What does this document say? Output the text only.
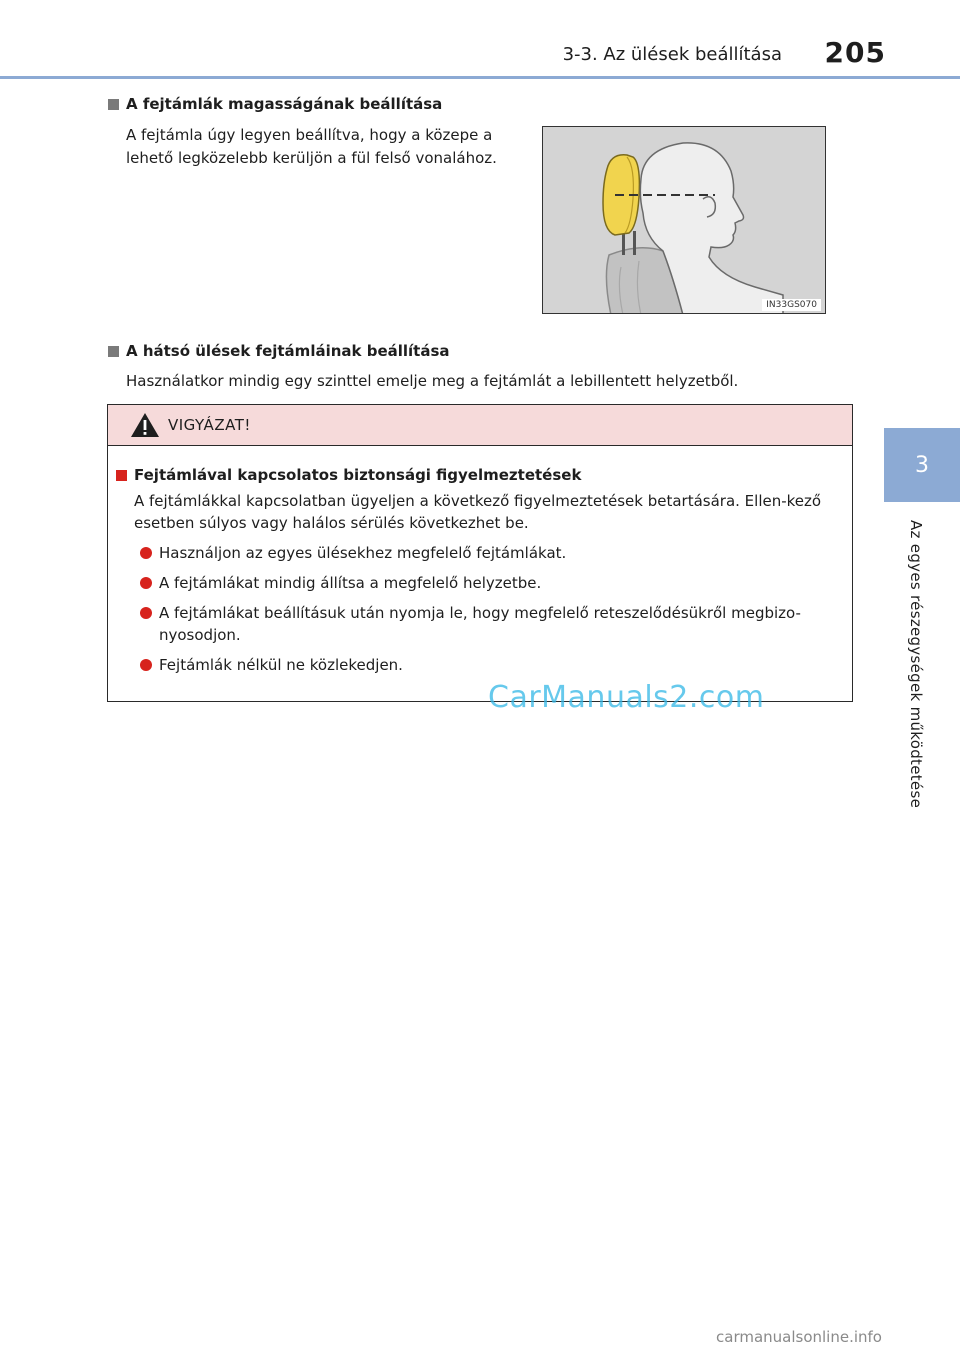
3-3. Az ülések beállítása	205
3
Az egyes részegységek működtetése
A fejtámlák magasságának beállítása
A fejtámla úgy legyen beállítva, hogy a közepe a lehető legközelebb kerüljön a fül felső vonalához.
IN33GS070
A hátsó ülések fejtámláinak beállítása
Használatkor mindig egy szinttel emelje meg a fejtámlát a lebillentett helyzetből.
VIGYÁZAT!
Fejtámlával kapcsolatos biztonsági figyelmeztetések
A fejtámlákkal kapcsolatban ügyeljen a következő figyelmeztetések betartására. Ellen-kező esetben súlyos vagy halálos sérülés következhet be.
Használjon az egyes ülésekhez megfelelő fejtámlákat.
A fejtámlákat mindig állítsa a megfelelő helyzetbe.
A fejtámlákat beállításuk után nyomja le, hogy megfelelő reteszelődésükről megbizo-nyosodjon.
Fejtámlák nélkül ne közlekedjen.
CarManuals2.com
carmanualsonline.info
